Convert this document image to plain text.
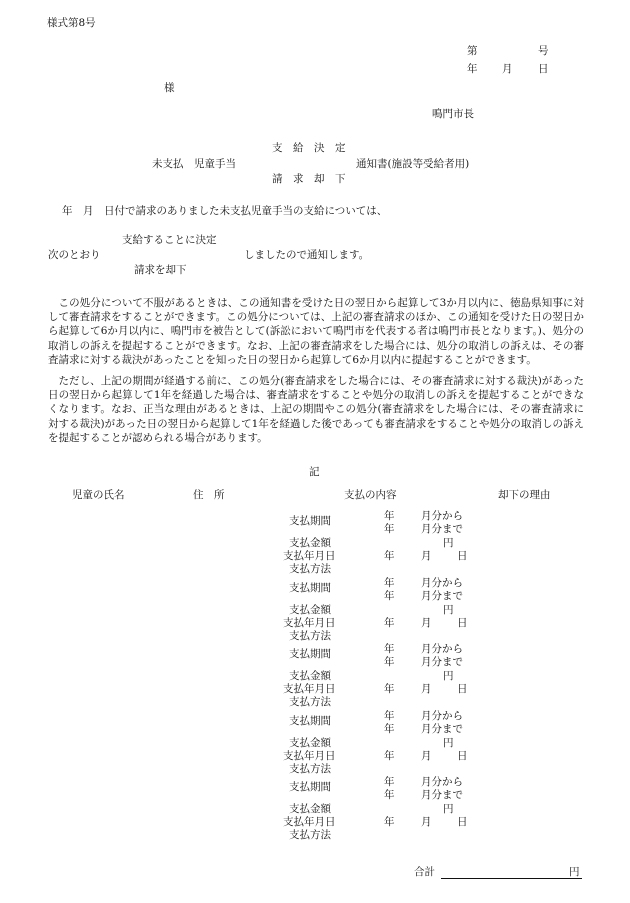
様式第8号
第	号
年 月 日
様
鳴門市長
支　給　決　定
未支払　児童手当	通知書(施設等受給者用)
請　求　却　下
年　月　日付で請求のありました未支払児童手当の支給については、
支給することに決定
次のとおり	しましたので通知します。
請求を却下
この処分について不服があるときは、この通知書を受けた日の翌日から起算して3か月以内に、徳島県知事に対して審査請求をすることができます。この処分については、上記の審査請求のほか、この通知を受けた日の翌日から起算して6か月以内に、鳴門市を被告として(訴訟において鳴門市を代表する者は鳴門市長となります。)、処分の取消しの訴えを提起することができます。なお、上記の審査請求をした場合には、処分の取消しの訴えは、その審査請求に対する裁決があったことを知った日の翌日から起算して6か月以内に提起することができます。
ただし、上記の期間が経過する前に、この処分(審査請求をした場合には、その審査請求に対する裁決)があった日の翌日から起算して1年を経過した場合は、審査請求をすることや処分の取消しの訴えを提起することができなくなります。なお、正当な理由があるときは、上記の期間やこの処分(審査請求をした場合には、その審査請求に対する裁決)があった日の翌日から起算して1年を経過した後であっても審査請求をすることや処分の取消しの訴えを提起することが認められる場合があります。
記
児童の氏名	住　所	支払の内容	却下の理由
支払期間	年	月分から
年	月分まで
支払金額	円
支払年月日	年	月 日
支払方法
支払期間	年	月分から
年	月分まで
支払金額	円
支払年月日	年	月 日
支払方法
支払期間	年	月分から
年	月分まで
支払金額	円
支払年月日	年	月 日
支払方法
支払期間	年	月分から
年	月分まで
支払金額	円
支払年月日	年	月 日
支払方法
支払期間	年	月分から
年	月分まで
支払金額	円
支払年月日	年	月 日
支払方法
合計	円
